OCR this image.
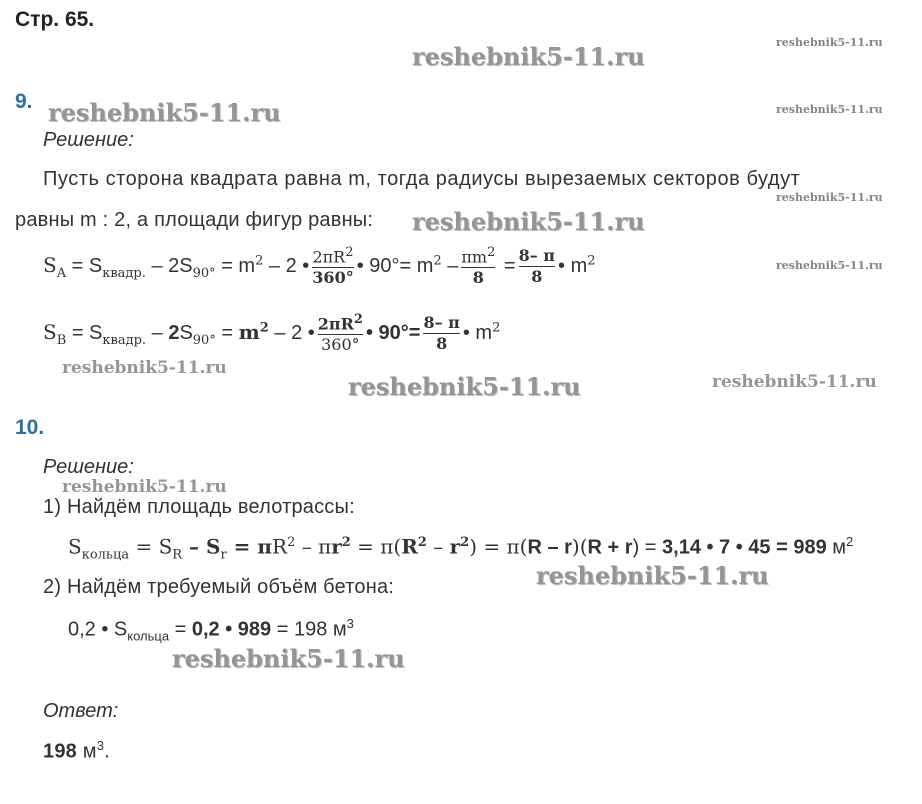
Стр. 65.
reshebnik5-11.ru	reshebnik5-11.ru
reshebnik5-11.ru	reshebnik5-11.ru
reshebnik5-11.ru
reshebnik5-11.ru
reshebnik5-11.ru
reshebnik5-11.ru
reshebnik5-11.ru	reshebnik5-11.ru
reshebnik5-11.ru
reshebnik5-11.ru
reshebnik5-11.ru
9.
Решение:
Пусть сторона квадрата равна m, тогда радиусы вырезаемых секторов будут
равны m : 2, а площади фигур равны:
$S_A = S_{квадр.} - 2S_{90^\circ} = m^2 - 2$ • $\frac{2\pi R^2}{360^\circ}$ • $90^\circ= m^2 - \frac{\pi m^2}{8} = \frac{8- \pi}{8}$ • $m^2$
$S_B = S_{квадр.} - 2S_{90^\circ} = m^2 - 2$ • $\frac{2\pi R^2}{360^\circ}$ • $90^\circ= \frac{8- \pi}{8}$ • $m^2$
10.
Решение:
1) Найдём площадь велотрассы:
$S_{кольца} = S_R - S_r = \pi R^2 - \pi r^2 = \pi(R^2 - r^2) = \pi(R - r)(R + r) = 3,14$ • 7 • 45 = 989 $м^2$
2) Найдём требуемый объём бетона:
0,2 • $S_{кольца} = 0,2$ • 989 = 198 $м^3$
Ответ:
198 $м^3$.
